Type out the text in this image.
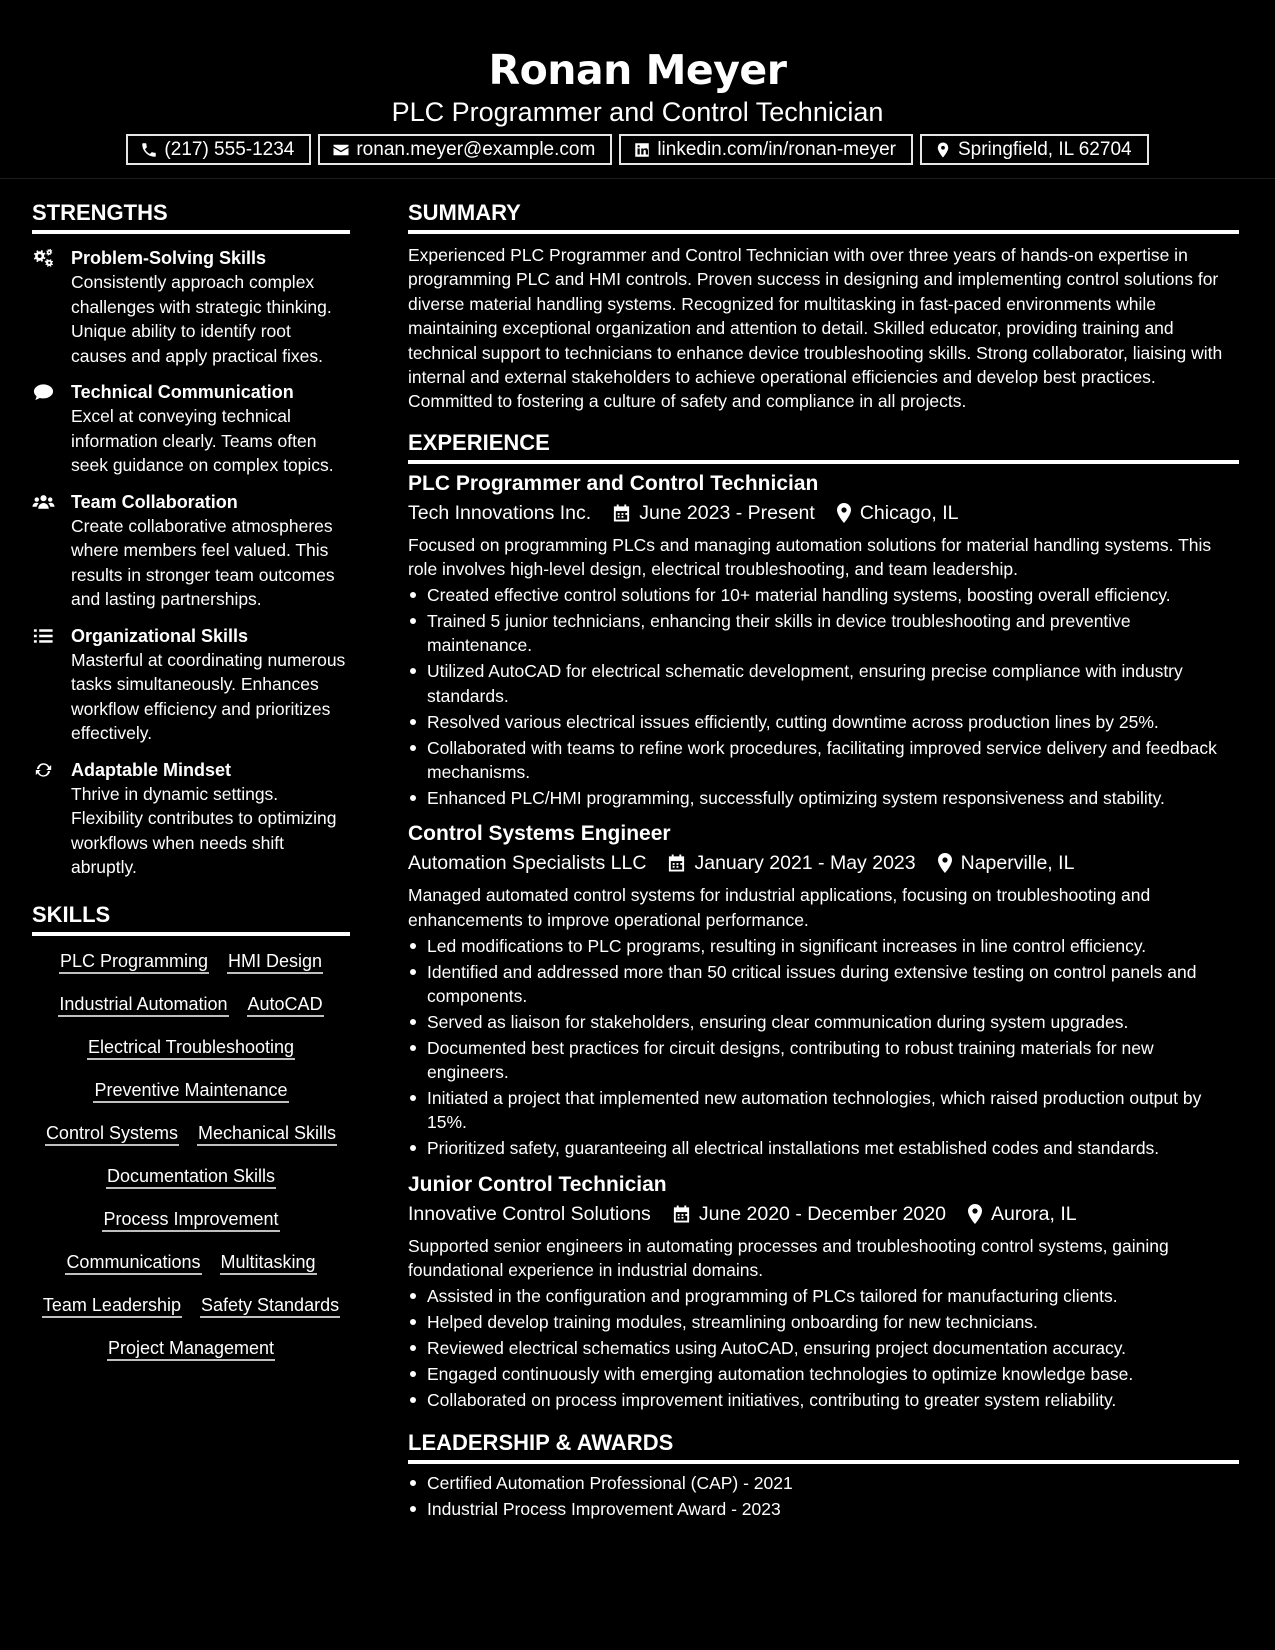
Ronan Meyer
PLC Programmer and Control Technician
(217) 555-1234	ronan.meyer@example.com	linkedin.com/in/ronan-meyer	Springfield, IL 62704
STRENGTHS
Problem-Solving Skills
Consistently approach complex challenges with strategic thinking. Unique ability to identify root causes and apply practical fixes.
Technical Communication
Excel at conveying technical information clearly. Teams often seek guidance on complex topics.
Team Collaboration
Create collaborative atmospheres where members feel valued. This results in stronger team outcomes and lasting partnerships.
Organizational Skills
Masterful at coordinating numerous tasks simultaneously. Enhances workflow efficiency and prioritizes effectively.
Adaptable Mindset
Thrive in dynamic settings. Flexibility contributes to optimizing workflows when needs shift abruptly.
SKILLS
PLC Programming HMI Design
Industrial Automation AutoCAD
Electrical Troubleshooting
Preventive Maintenance
Control Systems Mechanical Skills
Documentation Skills
Process Improvement
Communications Multitasking
Team Leadership Safety Standards
Project Management
SUMMARY
Experienced PLC Programmer and Control Technician with over three years of hands-on expertise in programming PLC and HMI controls. Proven success in designing and implementing control solutions for diverse material handling systems. Recognized for multitasking in fast-paced environments while maintaining exceptional organization and attention to detail. Skilled educator, providing training and technical support to technicians to enhance device troubleshooting skills. Strong collaborator, liaising with internal and external stakeholders to achieve operational efficiencies and develop best practices. Committed to fostering a culture of safety and compliance in all projects.
EXPERIENCE
PLC Programmer and Control Technician
Tech Innovations Inc. June 2023 - Present Chicago, IL
Focused on programming PLCs and managing automation solutions for material handling systems. This role involves high-level design, electrical troubleshooting, and team leadership.
Created effective control solutions for 10+ material handling systems, boosting overall efficiency.
Trained 5 junior technicians, enhancing their skills in device troubleshooting and preventive maintenance.
Utilized AutoCAD for electrical schematic development, ensuring precise compliance with industry standards.
Resolved various electrical issues efficiently, cutting downtime across production lines by 25%.
Collaborated with teams to refine work procedures, facilitating improved service delivery and feedback mechanisms.
Enhanced PLC/HMI programming, successfully optimizing system responsiveness and stability.
Control Systems Engineer
Automation Specialists LLC January 2021 - May 2023 Naperville, IL
Managed automated control systems for industrial applications, focusing on troubleshooting and enhancements to improve operational performance.
Led modifications to PLC programs, resulting in significant increases in line control efficiency.
Identified and addressed more than 50 critical issues during extensive testing on control panels and components.
Served as liaison for stakeholders, ensuring clear communication during system upgrades.
Documented best practices for circuit designs, contributing to robust training materials for new engineers.
Initiated a project that implemented new automation technologies, which raised production output by 15%.
Prioritized safety, guaranteeing all electrical installations met established codes and standards.
Junior Control Technician
Innovative Control Solutions June 2020 - December 2020 Aurora, IL
Supported senior engineers in automating processes and troubleshooting control systems, gaining foundational experience in industrial domains.
Assisted in the configuration and programming of PLCs tailored for manufacturing clients.
Helped develop training modules, streamlining onboarding for new technicians.
Reviewed electrical schematics using AutoCAD, ensuring project documentation accuracy.
Engaged continuously with emerging automation technologies to optimize knowledge base.
Collaborated on process improvement initiatives, contributing to greater system reliability.
LEADERSHIP & AWARDS
Certified Automation Professional (CAP) - 2021
Industrial Process Improvement Award - 2023
